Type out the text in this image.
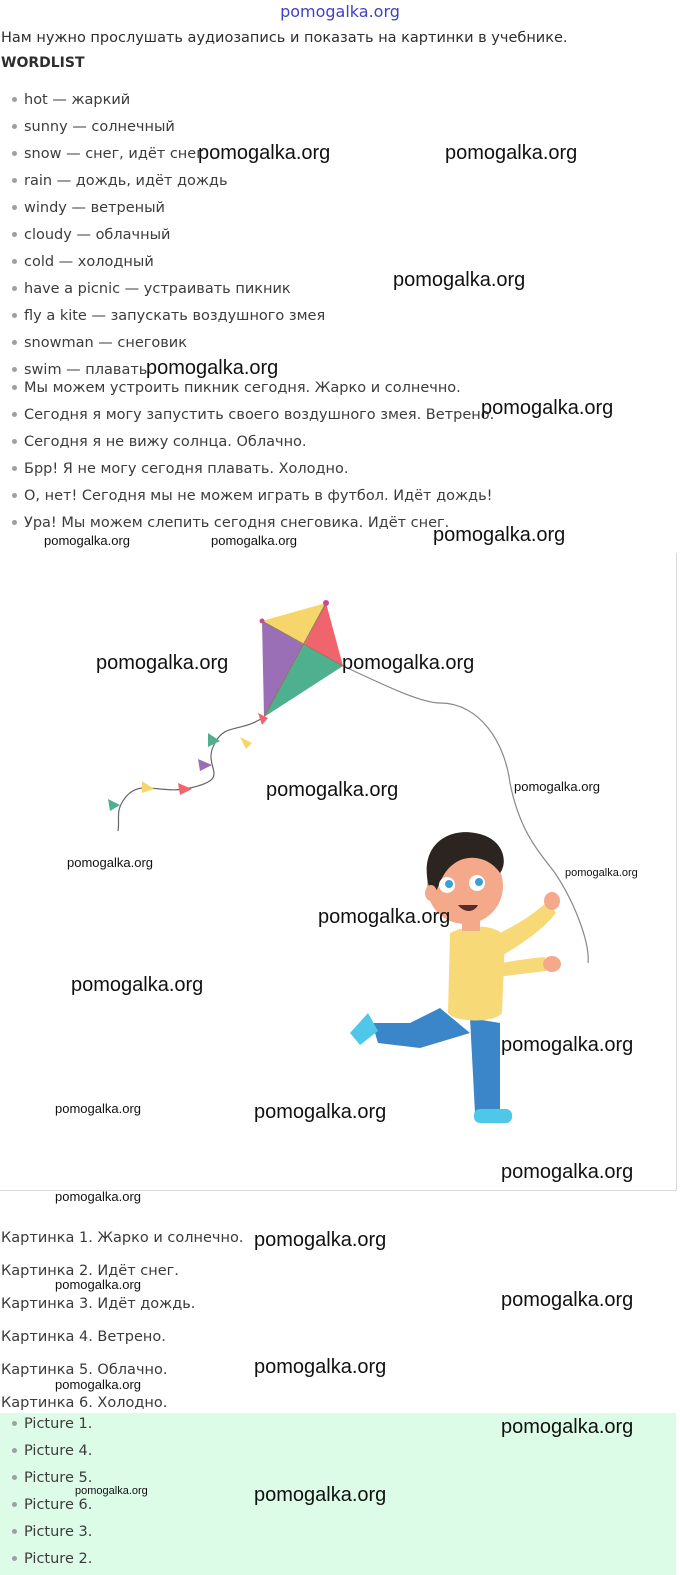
pomogalka.org
Нам нужно прослушать аудиозапись и показать на картинки в учебнике.
WORDLIST
hot — жаркий
sunny — солнечный
snow — снег, идёт снег
rain — дождь, идёт дождь
windy — ветреный
cloudy — облачный
cold — холодный
have a picnic — устраивать пикник
fly a kite — запускать воздушного змея
snowman — снеговик
swim — плавать
Мы можем устроить пикник сегодня. Жарко и солнечно.
Сегодня я могу запустить своего воздушного змея. Ветрено.
Сегодня я не вижу солнца. Облачно.
Брр! Я не могу сегодня плавать. Холодно.
О, нет! Сегодня мы не можем играть в футбол. Идёт дождь!
Ура! Мы можем слепить сегодня снеговика. Идёт снег.
Картинка 1. Жарко и солнечно.
Картинка 2. Идёт снег.
Картинка 3. Идёт дождь.
Картинка 4. Ветрено.
Картинка 5. Облачно.
Картинка 6. Холодно.
Picture 1.
Picture 4.
Picture 5.
Picture 6.
Picture 3.
Picture 2.
pomogalka.org	pomogalka.org
pomogalka.org
pomogalka.org
pomogalka.org
pomogalka.org
pomogalka.org	pomogalka.org
pomogalka.org	pomogalka.org
pomogalka.org
pomogalka.org
pomogalka.org
pomogalka.org
pomogalka.org
pomogalka.org
pomogalka.org
pomogalka.org	pomogalka.org
pomogalka.org
pomogalka.org
pomogalka.org
pomogalka.org
pomogalka.org
pomogalka.org
pomogalka.org
pomogalka.org
pomogalka.org	pomogalka.org
